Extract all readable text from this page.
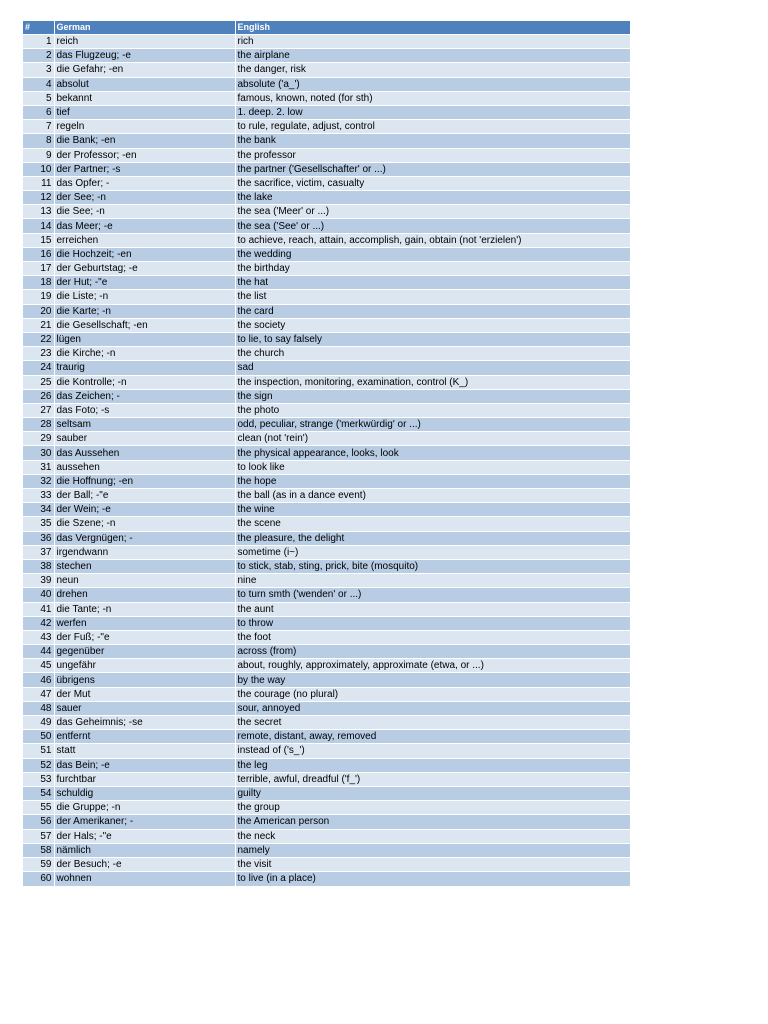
#	German	English
1	reich	rich
2	das Flugzeug; -e	the airplane
3	die Gefahr; -en	the danger, risk
4	absolut	absolute ('a_')
5	bekannt	famous, known, noted (for sth)
6	tief	1. deep. 2. low
7	regeln	to rule, regulate, adjust, control
8	die Bank; -en	the bank
9	der Professor; -en	the professor
10	der Partner; -s	the partner ('Gesellschafter' or ...)
11	das Opfer; -	the sacrifice, victim, casualty
12	der See; -n	the lake
13	die See; -n	the sea ('Meer' or ...)
14	das Meer; -e	the sea ('See' or ...)
15	erreichen	to achieve, reach, attain, accomplish, gain, obtain (not 'erzielen')
16	die Hochzeit; -en	the wedding
17	der Geburtstag; -e	the birthday
18	der Hut; -"e	the hat
19	die Liste; -n	the list
20	die Karte; -n	the card
21	die Gesellschaft; -en	the society
22	lügen	to lie, to say falsely
23	die Kirche; -n	the church
24	traurig	sad
25	die Kontrolle; -n	the inspection, monitoring, examination, control (K_)
26	das Zeichen; -	the sign
27	das Foto; -s	the photo
28	seltsam	odd, peculiar, strange ('merkwürdig' or ...)
29	sauber	clean (not 'rein')
30	das Aussehen	the physical appearance, looks, look
31	aussehen	to look like
32	die Hoffnung; -en	the hope
33	der Ball; -"e	the ball (as in a dance event)
34	der Wein; -e	the wine
35	die Szene; -n	the scene
36	das Vergnügen; -	the pleasure, the delight
37	irgendwann	sometime (i~)
38	stechen	to stick, stab, sting, prick, bite (mosquito)
39	neun	nine
40	drehen	to turn smth ('wenden' or ...)
41	die Tante; -n	the aunt
42	werfen	to throw
43	der Fuß; -"e	the foot
44	gegenüber	across (from)
45	ungefähr	about, roughly, approximately, approximate (etwa, or ...)
46	übrigens	by the way
47	der Mut	the courage (no plural)
48	sauer	sour, annoyed
49	das Geheimnis; -se	the secret
50	entfernt	remote, distant, away, removed
51	statt	instead of ('s_')
52	das Bein; -e	the leg
53	furchtbar	terrible, awful, dreadful ('f_')
54	schuldig	guilty
55	die Gruppe; -n	the group
56	der Amerikaner; -	the American person
57	der Hals; -"e	the neck
58	nämlich	namely
59	der Besuch; -e	the visit
60	wohnen	to live (in a place)
